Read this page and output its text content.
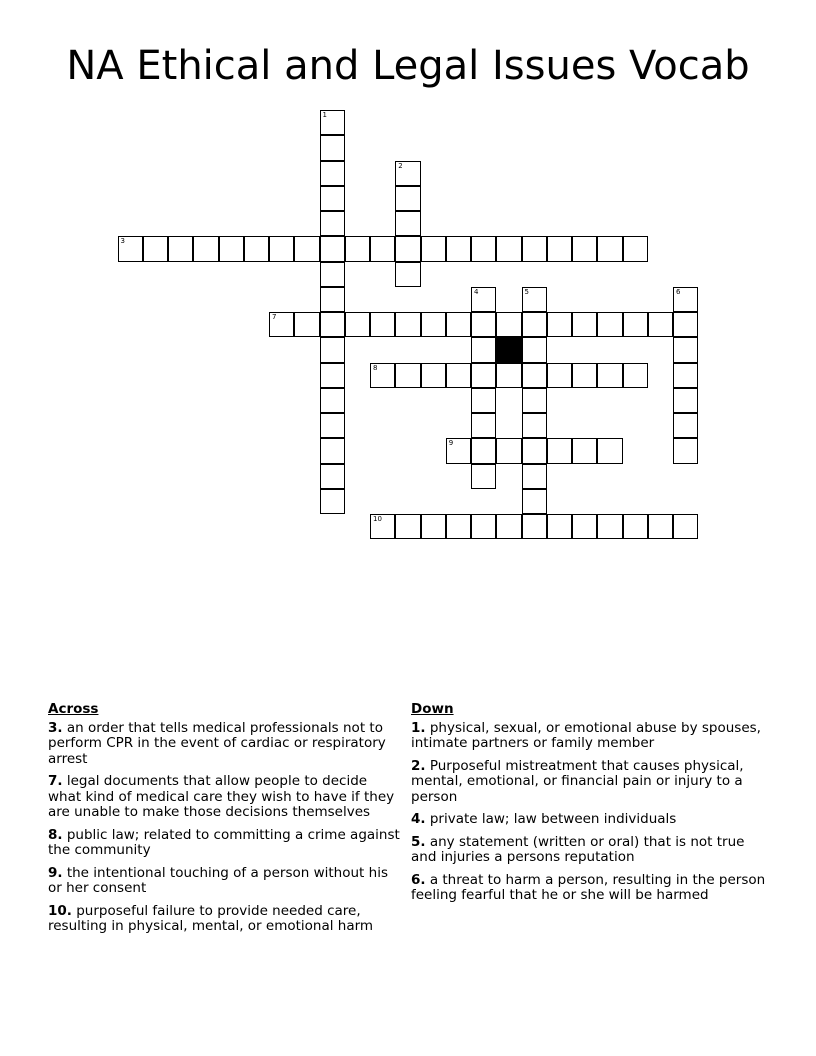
NA Ethical and Legal Issues Vocab
1
2
3
4	5	6
7
8
9
10
Across
3. an order that tells medical professionals not to perform CPR in the event of cardiac or respiratory arrest
7. legal documents that allow people to decide what kind of medical care they wish to have if they are unable to make those decisions themselves
8. public law; related to committing a crime against the community
9. the intentional touching of a person without his or her consent
10. purposeful failure to provide needed care, resulting in physical, mental, or emotional harm
Down
1. physical, sexual, or emotional abuse by spouses, intimate partners or family member
2. Purposeful mistreatment that causes physical, mental, emotional, or financial pain or injury to a person
4. private law; law between individuals
5. any statement (written or oral) that is not true and injuries a persons reputation
6. a threat to harm a person, resulting in the person feeling fearful that he or she will be harmed
